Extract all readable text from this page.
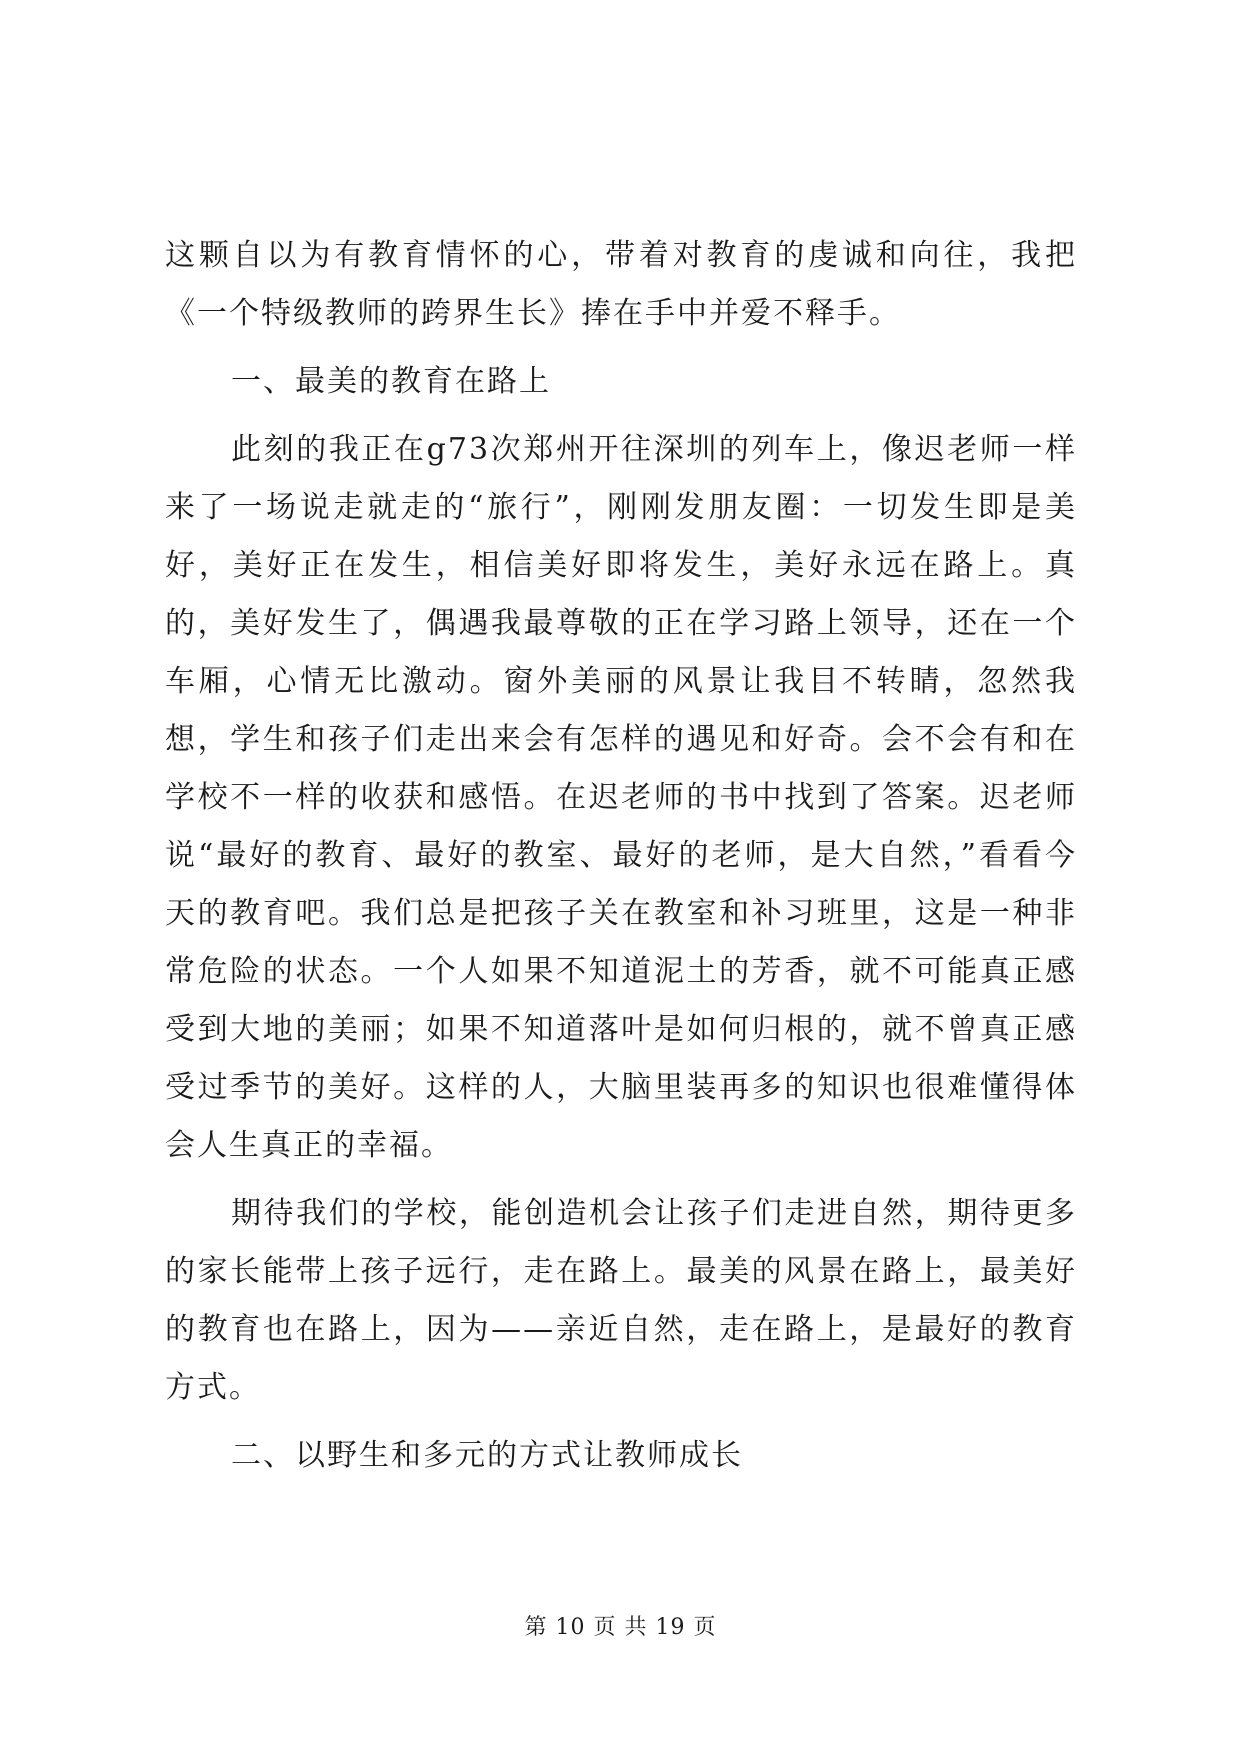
这颗自以为有教育情怀的心，带着对教育的虔诚和向往，我把《一个特级教师的跨界生长》捧在手中并爱不释手。

一、最美的教育在路上

此刻的我正在g73次郑州开往深圳的列车上，像迟老师一样来了一场说走就走的“旅行”，刚刚发朋友圈：一切发生即是美好，美好正在发生，相信美好即将发生，美好永远在路上。真的，美好发生了，偶遇我最尊敬的正在学习路上领导，还在一个车厢，心情无比激动。窗外美丽的风景让我目不转睛，忽然我想，学生和孩子们走出来会有怎样的遇见和好奇。会不会有和在学校不一样的收获和感悟。在迟老师的书中找到了答案。迟老师说“最好的教育、最好的教室、最好的老师，是大自然，”看看今天的教育吧。我们总是把孩子关在教室和补习班里，这是一种非常危险的状态。一个人如果不知道泥土的芳香，就不可能真正感受到大地的美丽；如果不知道落叶是如何归根的，就不曾真正感受过季节的美好。这样的人，大脑里装再多的知识也很难懂得体会人生真正的幸福。

期待我们的学校，能创造机会让孩子们走进自然，期待更多的家长能带上孩子远行，走在路上。最美的风景在路上，最美好的教育也在路上，因为——亲近自然，走在路上，是最好的教育方式。

二、以野生和多元的方式让教师成长

第 10 页 共 19 页
